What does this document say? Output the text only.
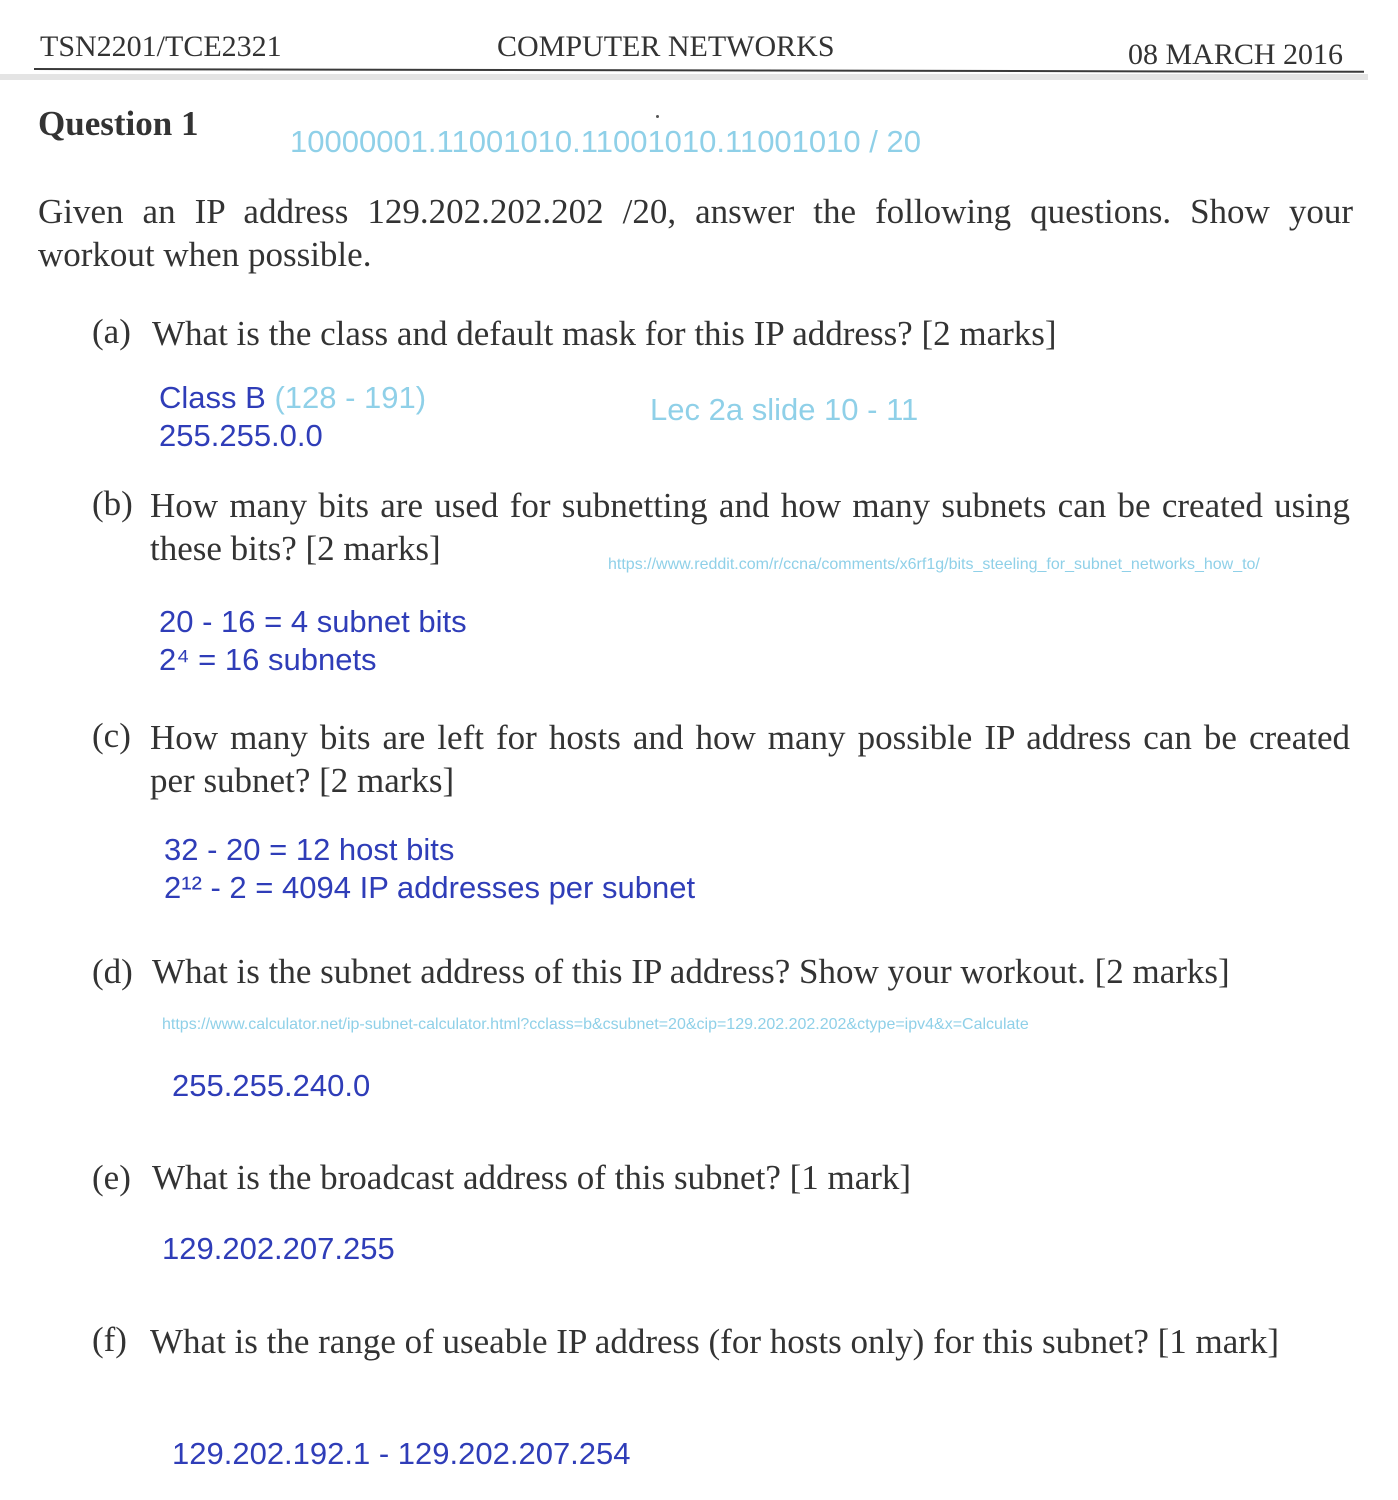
TSN2201/TCE2321	COMPUTER NETWORKS	08 MARCH 2016
Question 1	10000001.11001010.11001010.11001010 / 20
Given an IP address 129.202.202.202 /20, answer the following questions. Show your workout when possible.
(a) What is the class and default mask for this IP address? [2 marks]
Class B (128 - 191)
255.255.0.0
Lec 2a slide 10 - 11
(b) How many bits are used for subnetting and how many subnets can be created using these bits? [2 marks]	https://www.reddit.com/r/ccna/comments/x6rf1g/bits_steeling_for_subnet_networks_how_to/
20 - 16 = 4 subnet bits
2⁴ = 16 subnets
(c) How many bits are left for hosts and how many possible IP address can be created per subnet? [2 marks]
32 - 20 = 12 host bits
2¹² - 2 = 4094 IP addresses per subnet
(d) What is the subnet address of this IP address? Show your workout. [2 marks]
https://www.calculator.net/ip-subnet-calculator.html?cclass=b&csubnet=20&cip=129.202.202.202&ctype=ipv4&x=Calculate
255.255.240.0
(e) What is the broadcast address of this subnet? [1 mark]
129.202.207.255
(f) What is the range of useable IP address (for hosts only) for this subnet? [1 mark]
129.202.192.1 - 129.202.207.254
